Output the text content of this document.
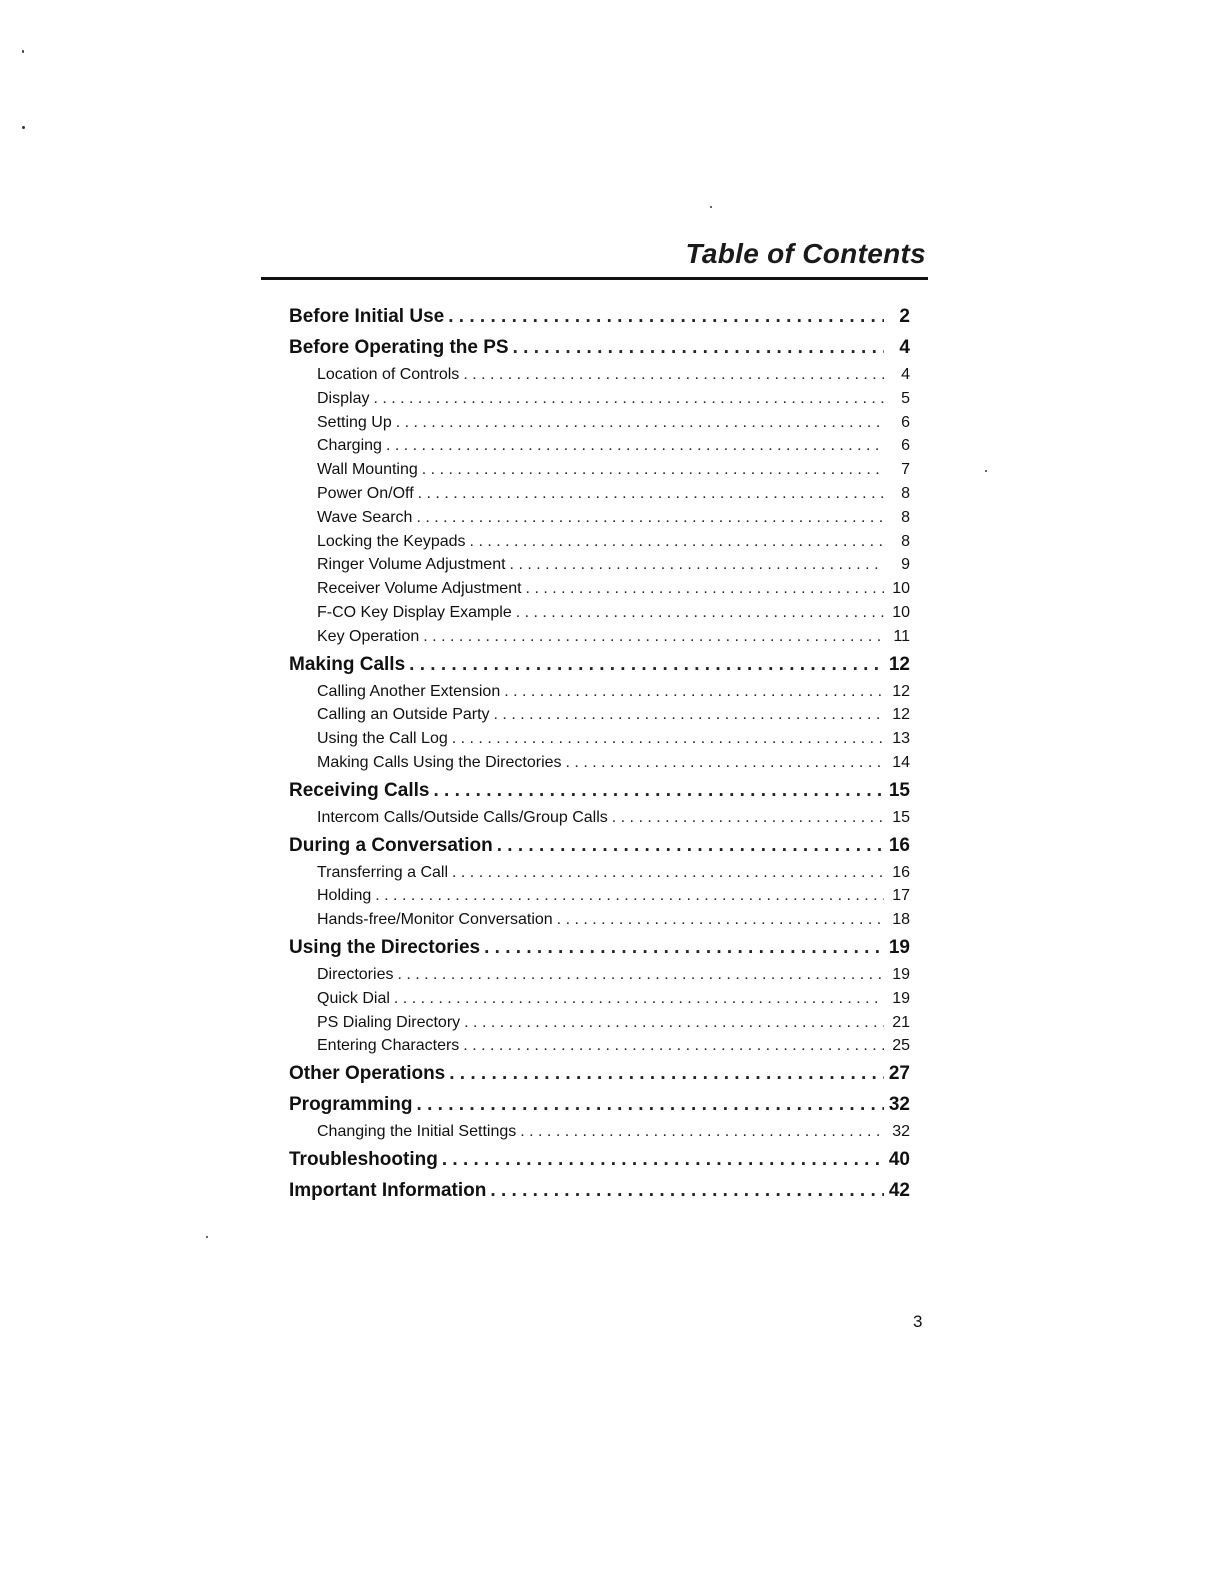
Table of Contents
Before Initial Use . . .	2
Before Operating the PS . . .	4
Location of Controls . . .	4
Display . . .	5
Setting Up . . .	6
Charging . . .	6
Wall Mounting . . .	7
Power On/Off . . .	8
Wave Search . . .	8
Locking the Keypads . . .	8
Ringer Volume Adjustment . . .	9
Receiver Volume Adjustment . . .	10
F-CO Key Display Example . . .	10
Key Operation . . .	11
Making Calls . . .	12
Calling Another Extension . . .	12
Calling an Outside Party . . .	12
Using the Call Log . . .	13
Making Calls Using the Directories . . .	14
Receiving Calls . . .	15
Intercom Calls/Outside Calls/Group Calls . . .	15
During a Conversation . . .	16
Transferring a Call . . .	16
Holding . . .	17
Hands-free/Monitor Conversation . . .	18
Using the Directories . . .	19
Directories . . .	19
Quick Dial . . .	19
PS Dialing Directory . . .	21
Entering Characters . . .	25
Other Operations . . .	27
Programming . . .	32
Changing the Initial Settings . . .	32
Troubleshooting . . .	40
Important Information . . .	42
3
